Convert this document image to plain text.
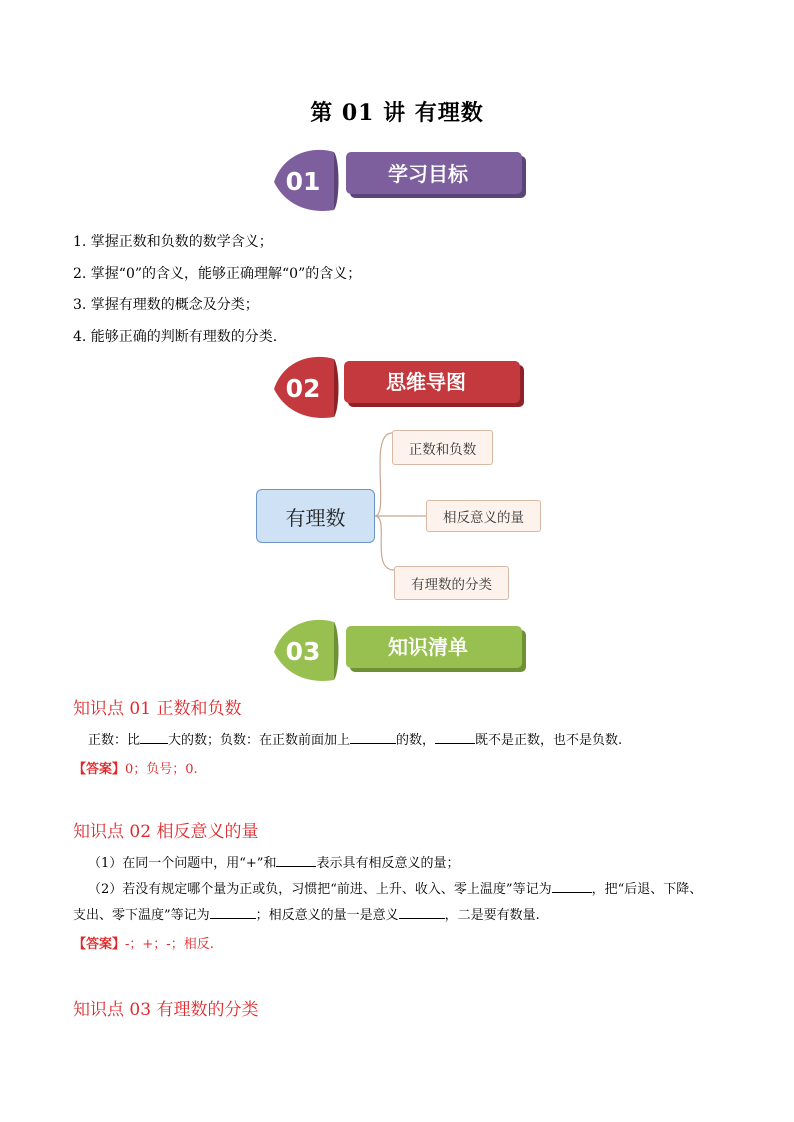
第 01 讲 有理数
01	学习目标
1. 掌握正数和负数的数学含义；
2. 掌握“0”的含义，能够正确理解“0”的含义；
3. 掌握有理数的概念及分类；
4. 能够正确的判断有理数的分类.
02	思维导图
有理数
正数和负数
相反意义的量
有理数的分类
03	知识清单
知识点 01 正数和负数
正数：比 大的数；负数：在正数前面加上	的数，	既不是正数，也不是负数.
【答案】0；负号；0.
知识点 02 相反意义的量
（1）在同一个问题中，用“+”和	表示具有相反意义的量；
（2）若没有规定哪个量为正或负，习惯把“前进、上升、收入、零上温度”等记为	，把“后退、下降、
支出、零下温度”等记为	；相反意义的量一是意义	，二是要有数量.
【答案】-；+；-；相反.
知识点 03 有理数的分类
